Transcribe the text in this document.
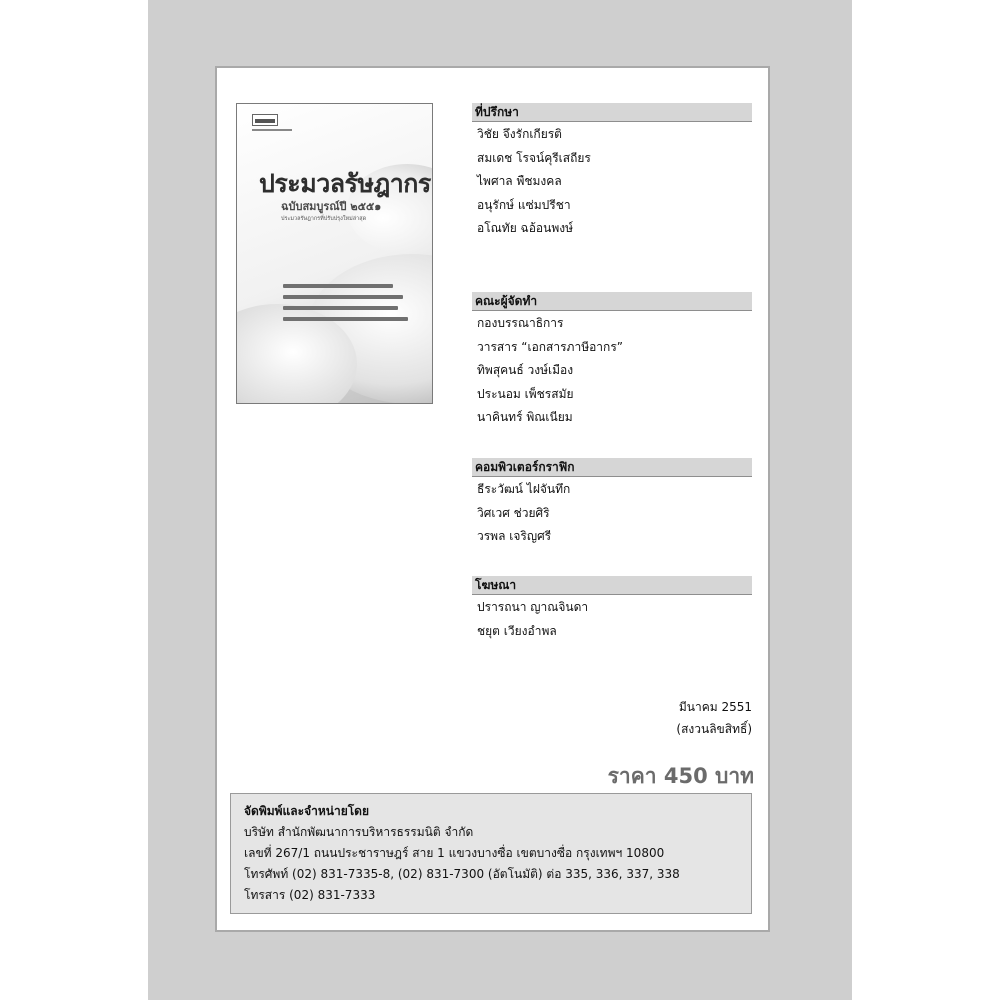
ประมวลรัษฎากร
ฉบับสมบูรณ์ปี ๒๕๕๑
ประมวลรัษฎากรที่ปรับปรุงใหม่ล่าสุด
ที่ปรึกษา
วิชัย จึงรักเกียรติ
สมเดช โรจน์คุรีเสถียร
ไพศาล พืชมงคล
อนุรักษ์ แซ่มปรีชา
อโณทัย ฉอ้อนพงษ์
คณะผู้จัดทำ
กองบรรณาธิการ
วารสาร “เอกสารภาษีอากร”
ทิพสุคนธ์ วงษ์เมือง
ประนอม เพ็ชรสมัย
นาคินทร์ พิณเนียม
คอมพิวเตอร์กราฟิก
ธีระวัฒน์ ไฝจันทึก
วิศเวศ ช่วยศิริ
วรพล เจริญศรี
โฆษณา
ปรารถนา ญาณจินดา
ชยุต เวียงอำพล
มีนาคม 2551
(สงวนลิขสิทธิ์)
ราคา 450 บาท
จัดพิมพ์และจำหน่ายโดย
บริษัท สำนักพัฒนาการบริหารธรรมนิติ จำกัด
เลขที่ 267/1 ถนนประชาราษฎร์ สาย 1 แขวงบางซื่อ เขตบางซื่อ กรุงเทพฯ 10800
โทรศัพท์ (02) 831-7335-8, (02) 831-7300 (อัตโนมัติ) ต่อ 335, 336, 337, 338
โทรสาร (02) 831-7333
